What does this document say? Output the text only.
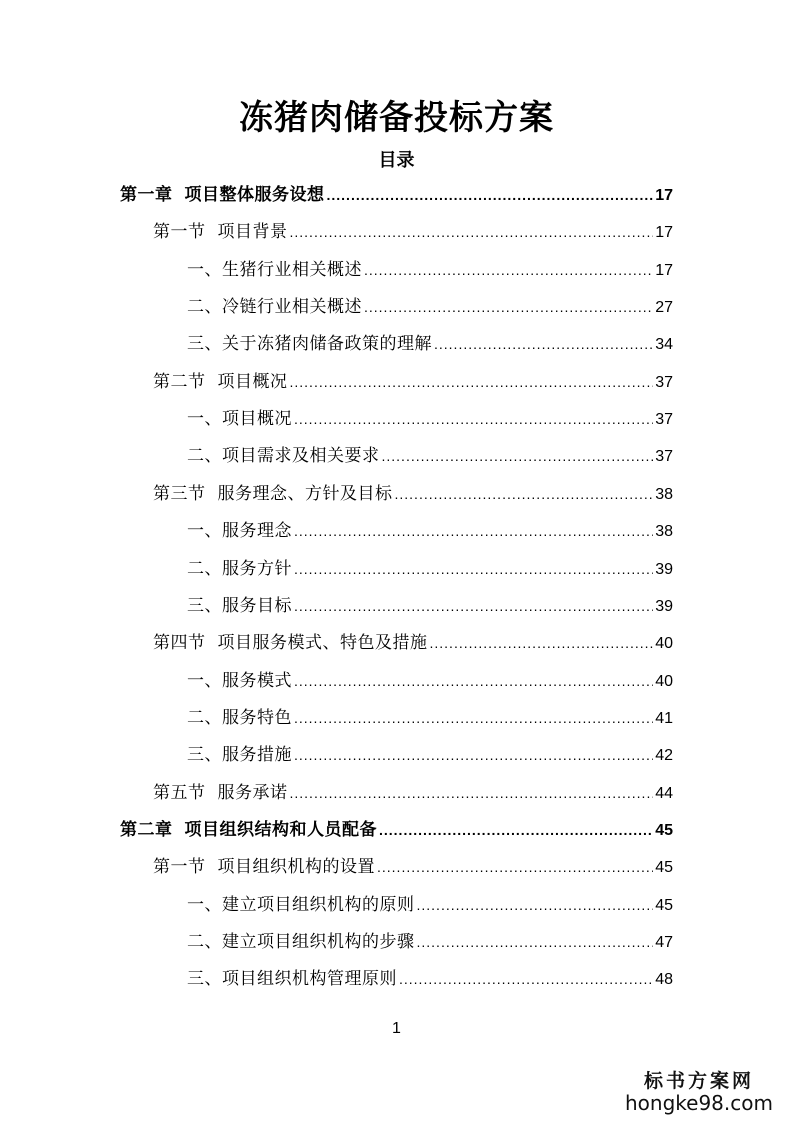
冻猪肉储备投标方案
目录
第一章 项目整体服务设想 .....	17
第一节 项目背景 .....	17
一、生猪行业相关概述 .....	17
二、冷链行业相关概述 .....	27
三、关于冻猪肉储备政策的理解 .....	34
第二节 项目概况 .....	37
一、项目概况 .....	37
二、项目需求及相关要求 .....	37
第三节 服务理念、方针及目标 .....	38
一、服务理念 .....	38
二、服务方针 .....	39
三、服务目标 .....	39
第四节 项目服务模式、特色及措施 .....	40
一、服务模式 .....	40
二、服务特色 .....	41
三、服务措施 .....	42
第五节 服务承诺 .....	44
第二章 项目组织结构和人员配备 .....	45
第一节 项目组织机构的设置 .....	45
一、建立项目组织机构的原则 .....	45
二、建立项目组织机构的步骤 .....	47
三、项目组织机构管理原则 .....	48
1
标书方案网
hongke98.com
